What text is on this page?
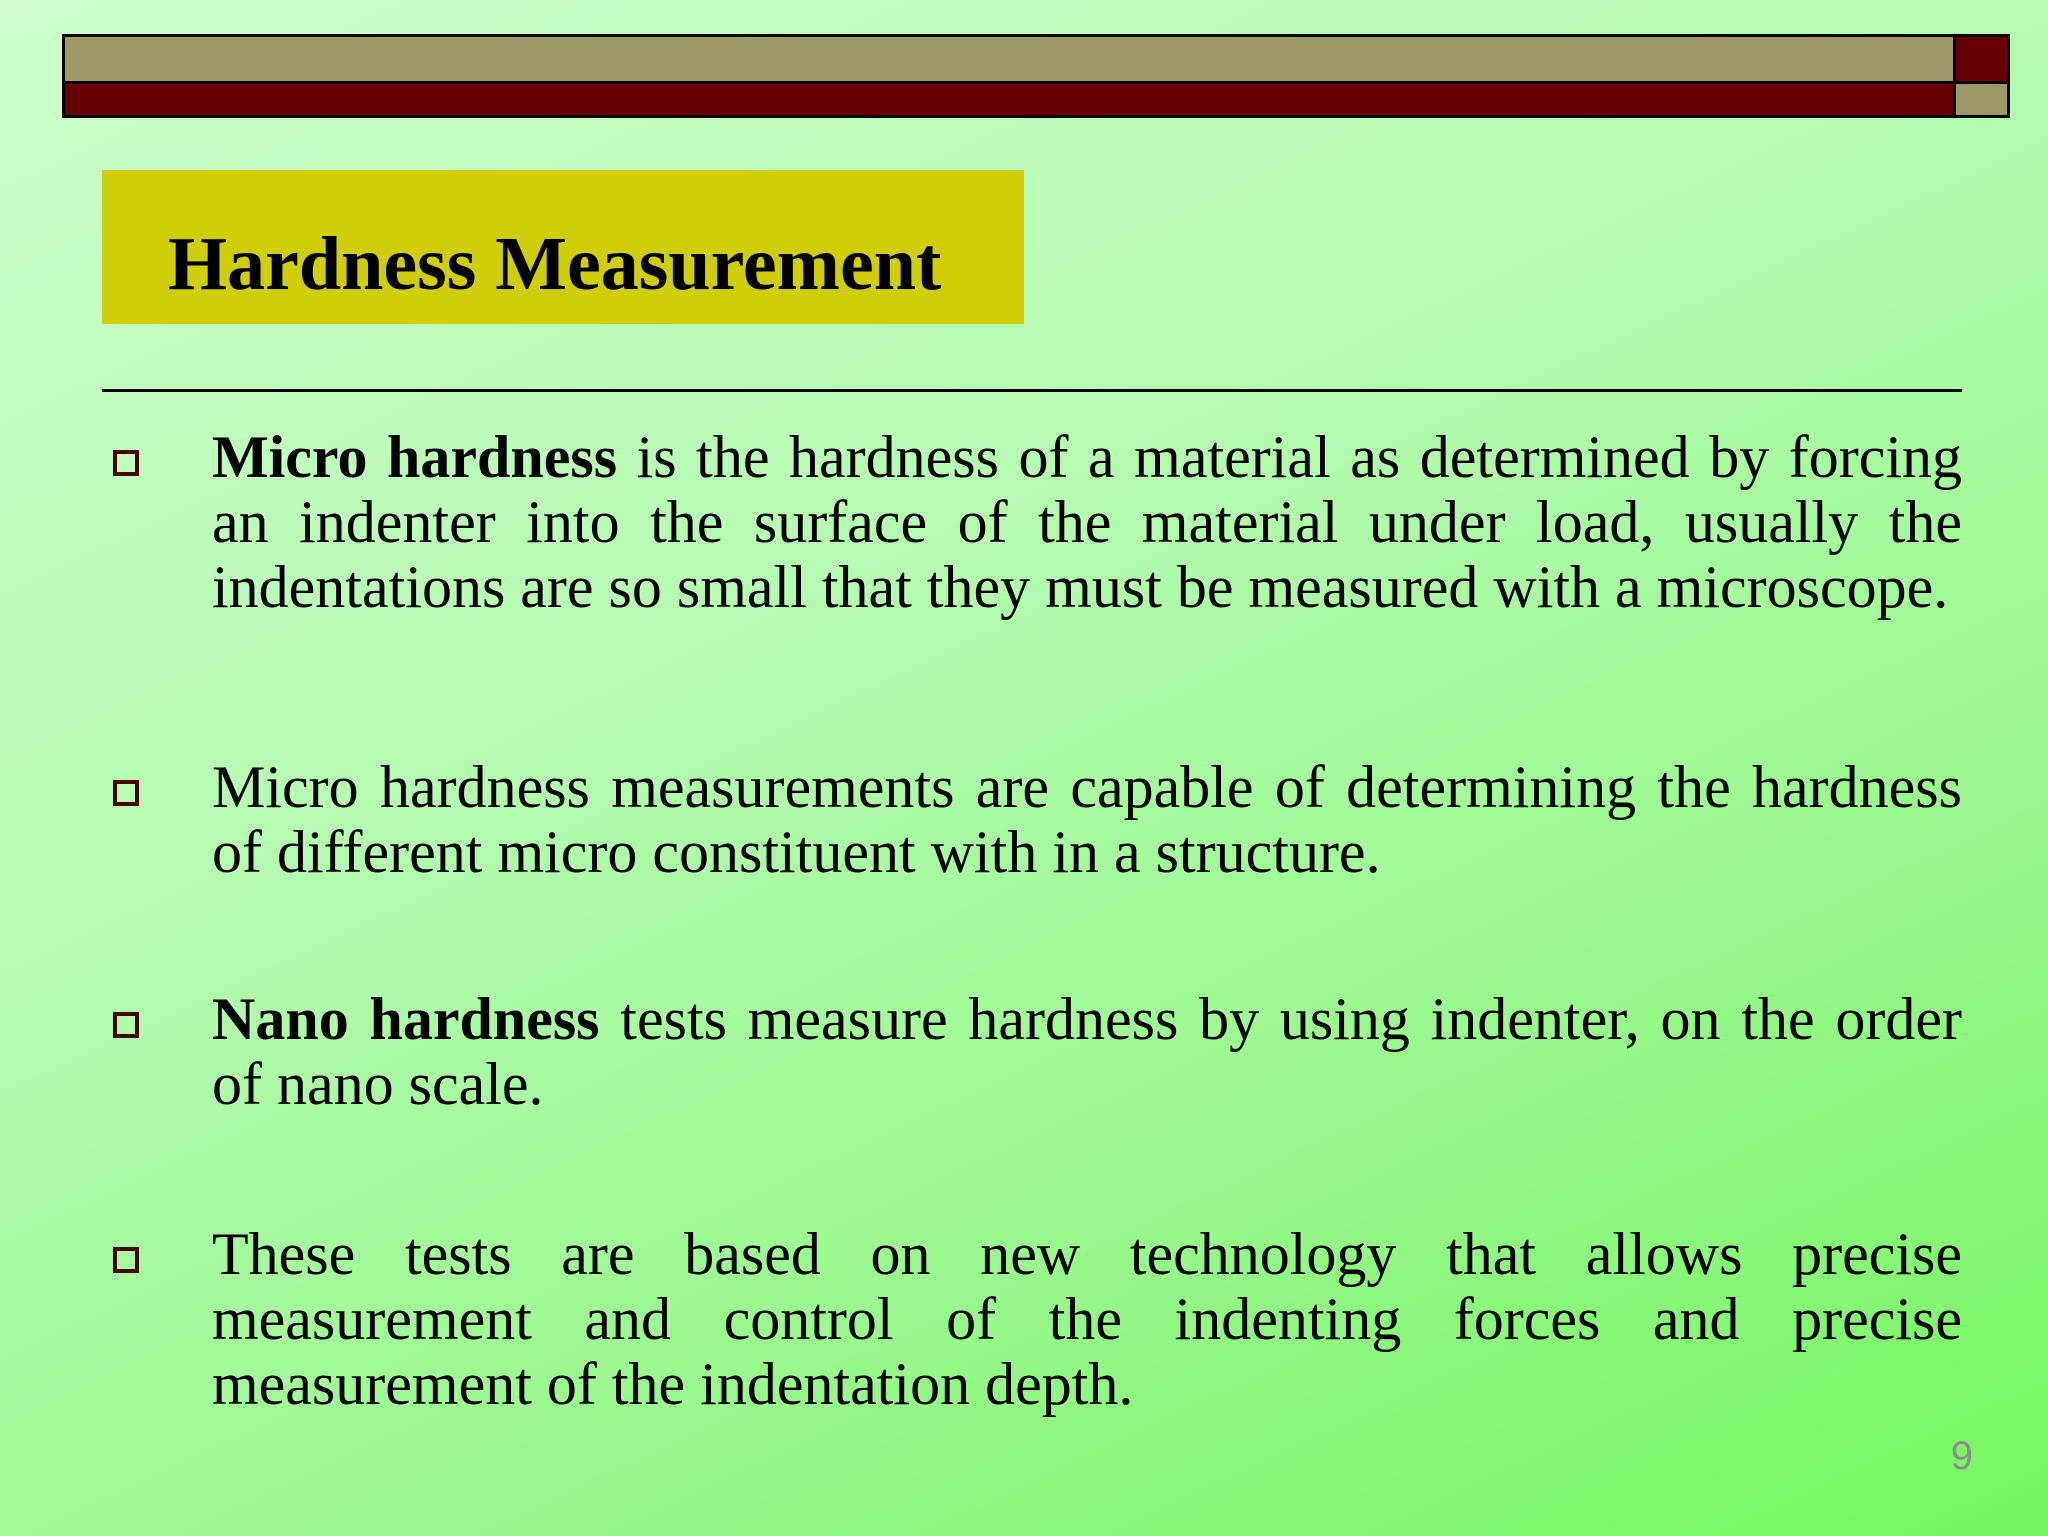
Hardness Measurement

Micro hardness is the hardness of a material as determined by forcing an indenter into the surface of the material under load, usually the indentations are so small that they must be measured with a microscope.

Micro hardness measurements are capable of determining the hardness of different micro constituent with in a structure.

Nano hardness tests measure hardness by using indenter, on the order of nano scale.

These tests are based on new technology that allows precise measurement and control of the indenting forces and precise measurement of the indentation depth.

9
